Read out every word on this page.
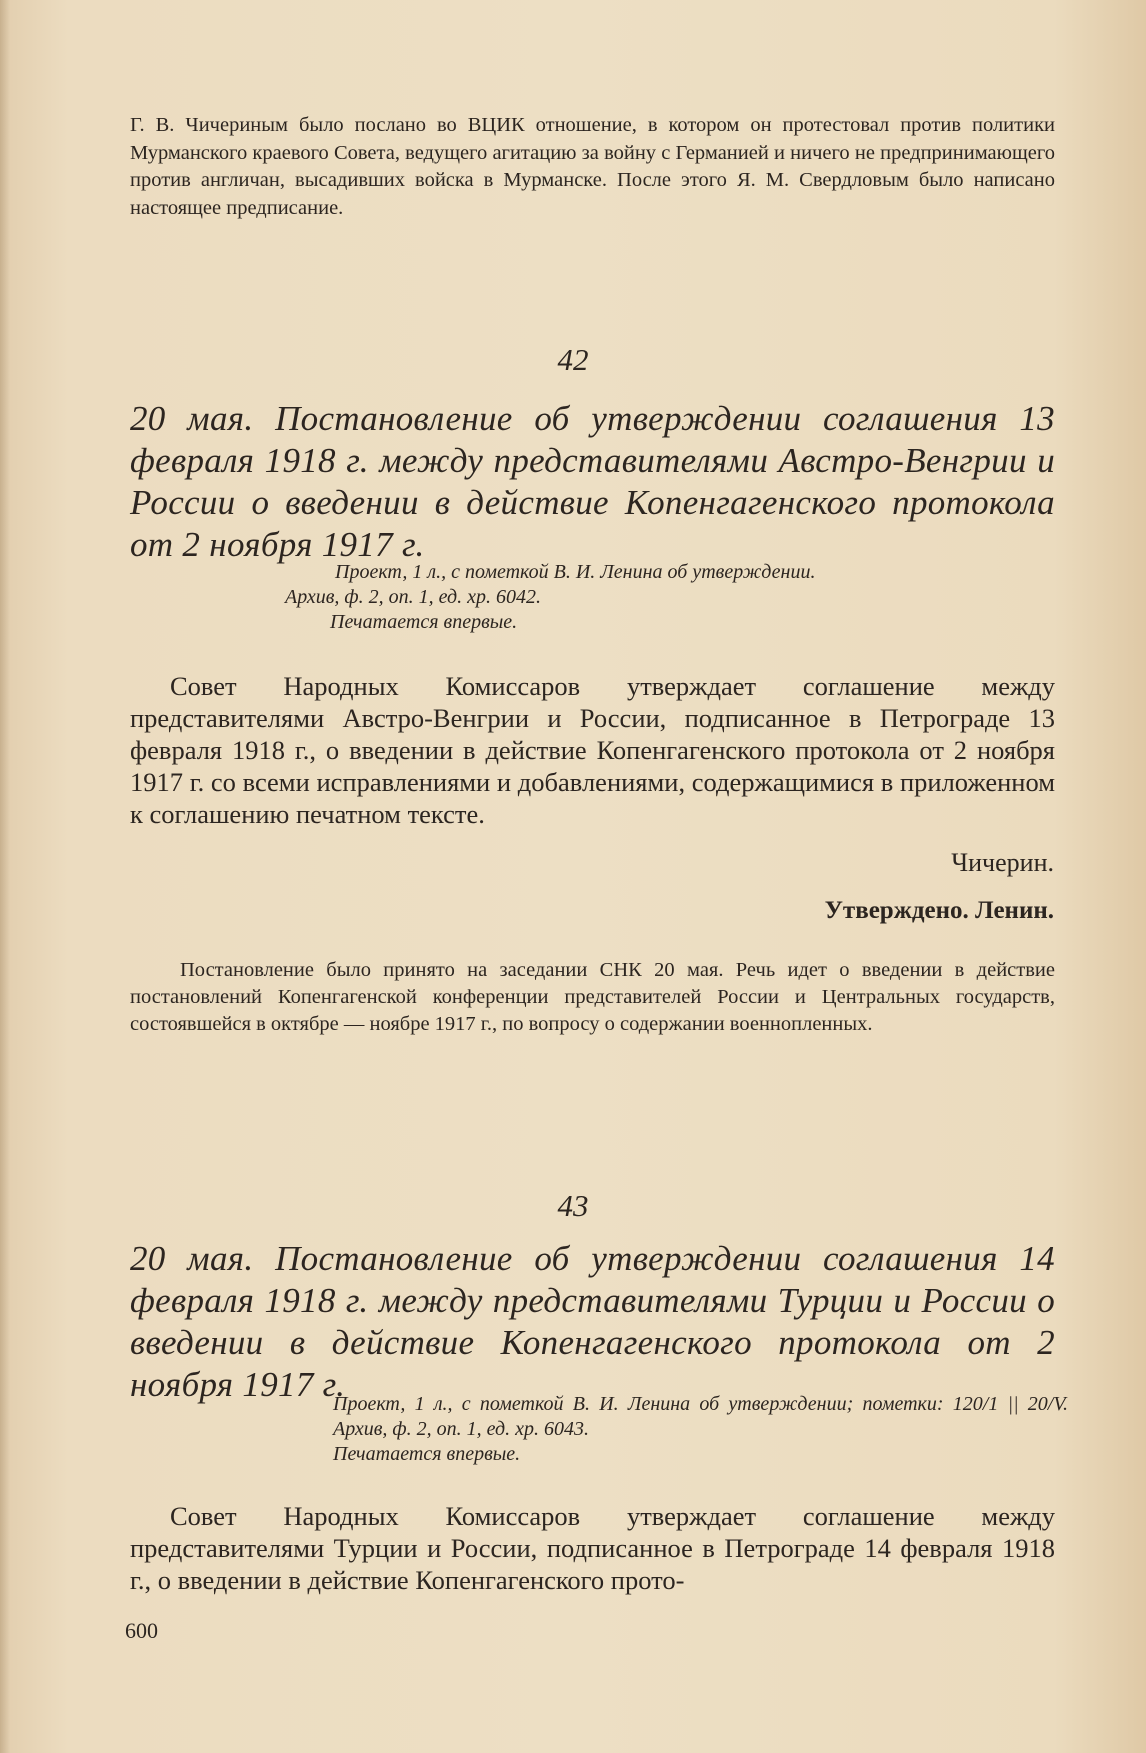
Г. В. Чичериным было послано во ВЦИК отношение, в котором он протестовал против политики Мурманского краевого Совета, ведущего агитацию за войну с Германией и ничего не предпринимающего против англичан, высадивших войска в Мурманске. После этого Я. М. Свердловым было написано настоящее предписание.
42
20 мая. Постановление об утверждении соглашения 13 февраля 1918 г. между представителями Австро-Венгрии и России о введении в действие Копенгагенского протокола от 2 ноября 1917 г.

Проект, 1 л., с пометкой В. И. Ленина об утверждении.

Архив, ф. 2, оп. 1, ед. хр. 6042.

Печатается впервые.

Совет Народных Комиссаров утверждает соглашение между представителями Австро-Венгрии и России, подписанное в Петрограде 13 февраля 1918 г., о введении в действие Копенгагенского протокола от 2 ноября 1917 г. со всеми исправлениями и добавлениями, содержащимися в приложенном к соглашению печатном тексте.
Чичерин.
Утверждено. Ленин.
Постановление было принято на заседании СНК 20 мая. Речь идет о введении в действие постановлений Копенгагенской конференции представителей России и Центральных государств, состоявшейся в октябре — ноябре 1917 г., по вопросу о содержании военнопленных.
43
20 мая. Постановление об утверждении соглашения 14 февраля 1918 г. между представителями Турции и России о введении в действие Копенгагенского протокола от 2 ноября 1917 г.

Проект, 1 л., с пометкой В. И. Ленина об утверждении; пометки: 120/1 || 20/V. Архив, ф. 2, оп. 1, ед. хр. 6043.

Печатается впервые.

Совет Народных Комиссаров утверждает соглашение между представителями Турции и России, подписанное в Петрограде 14 февраля 1918 г., о введении в действие Копенгагенского прото-
600
